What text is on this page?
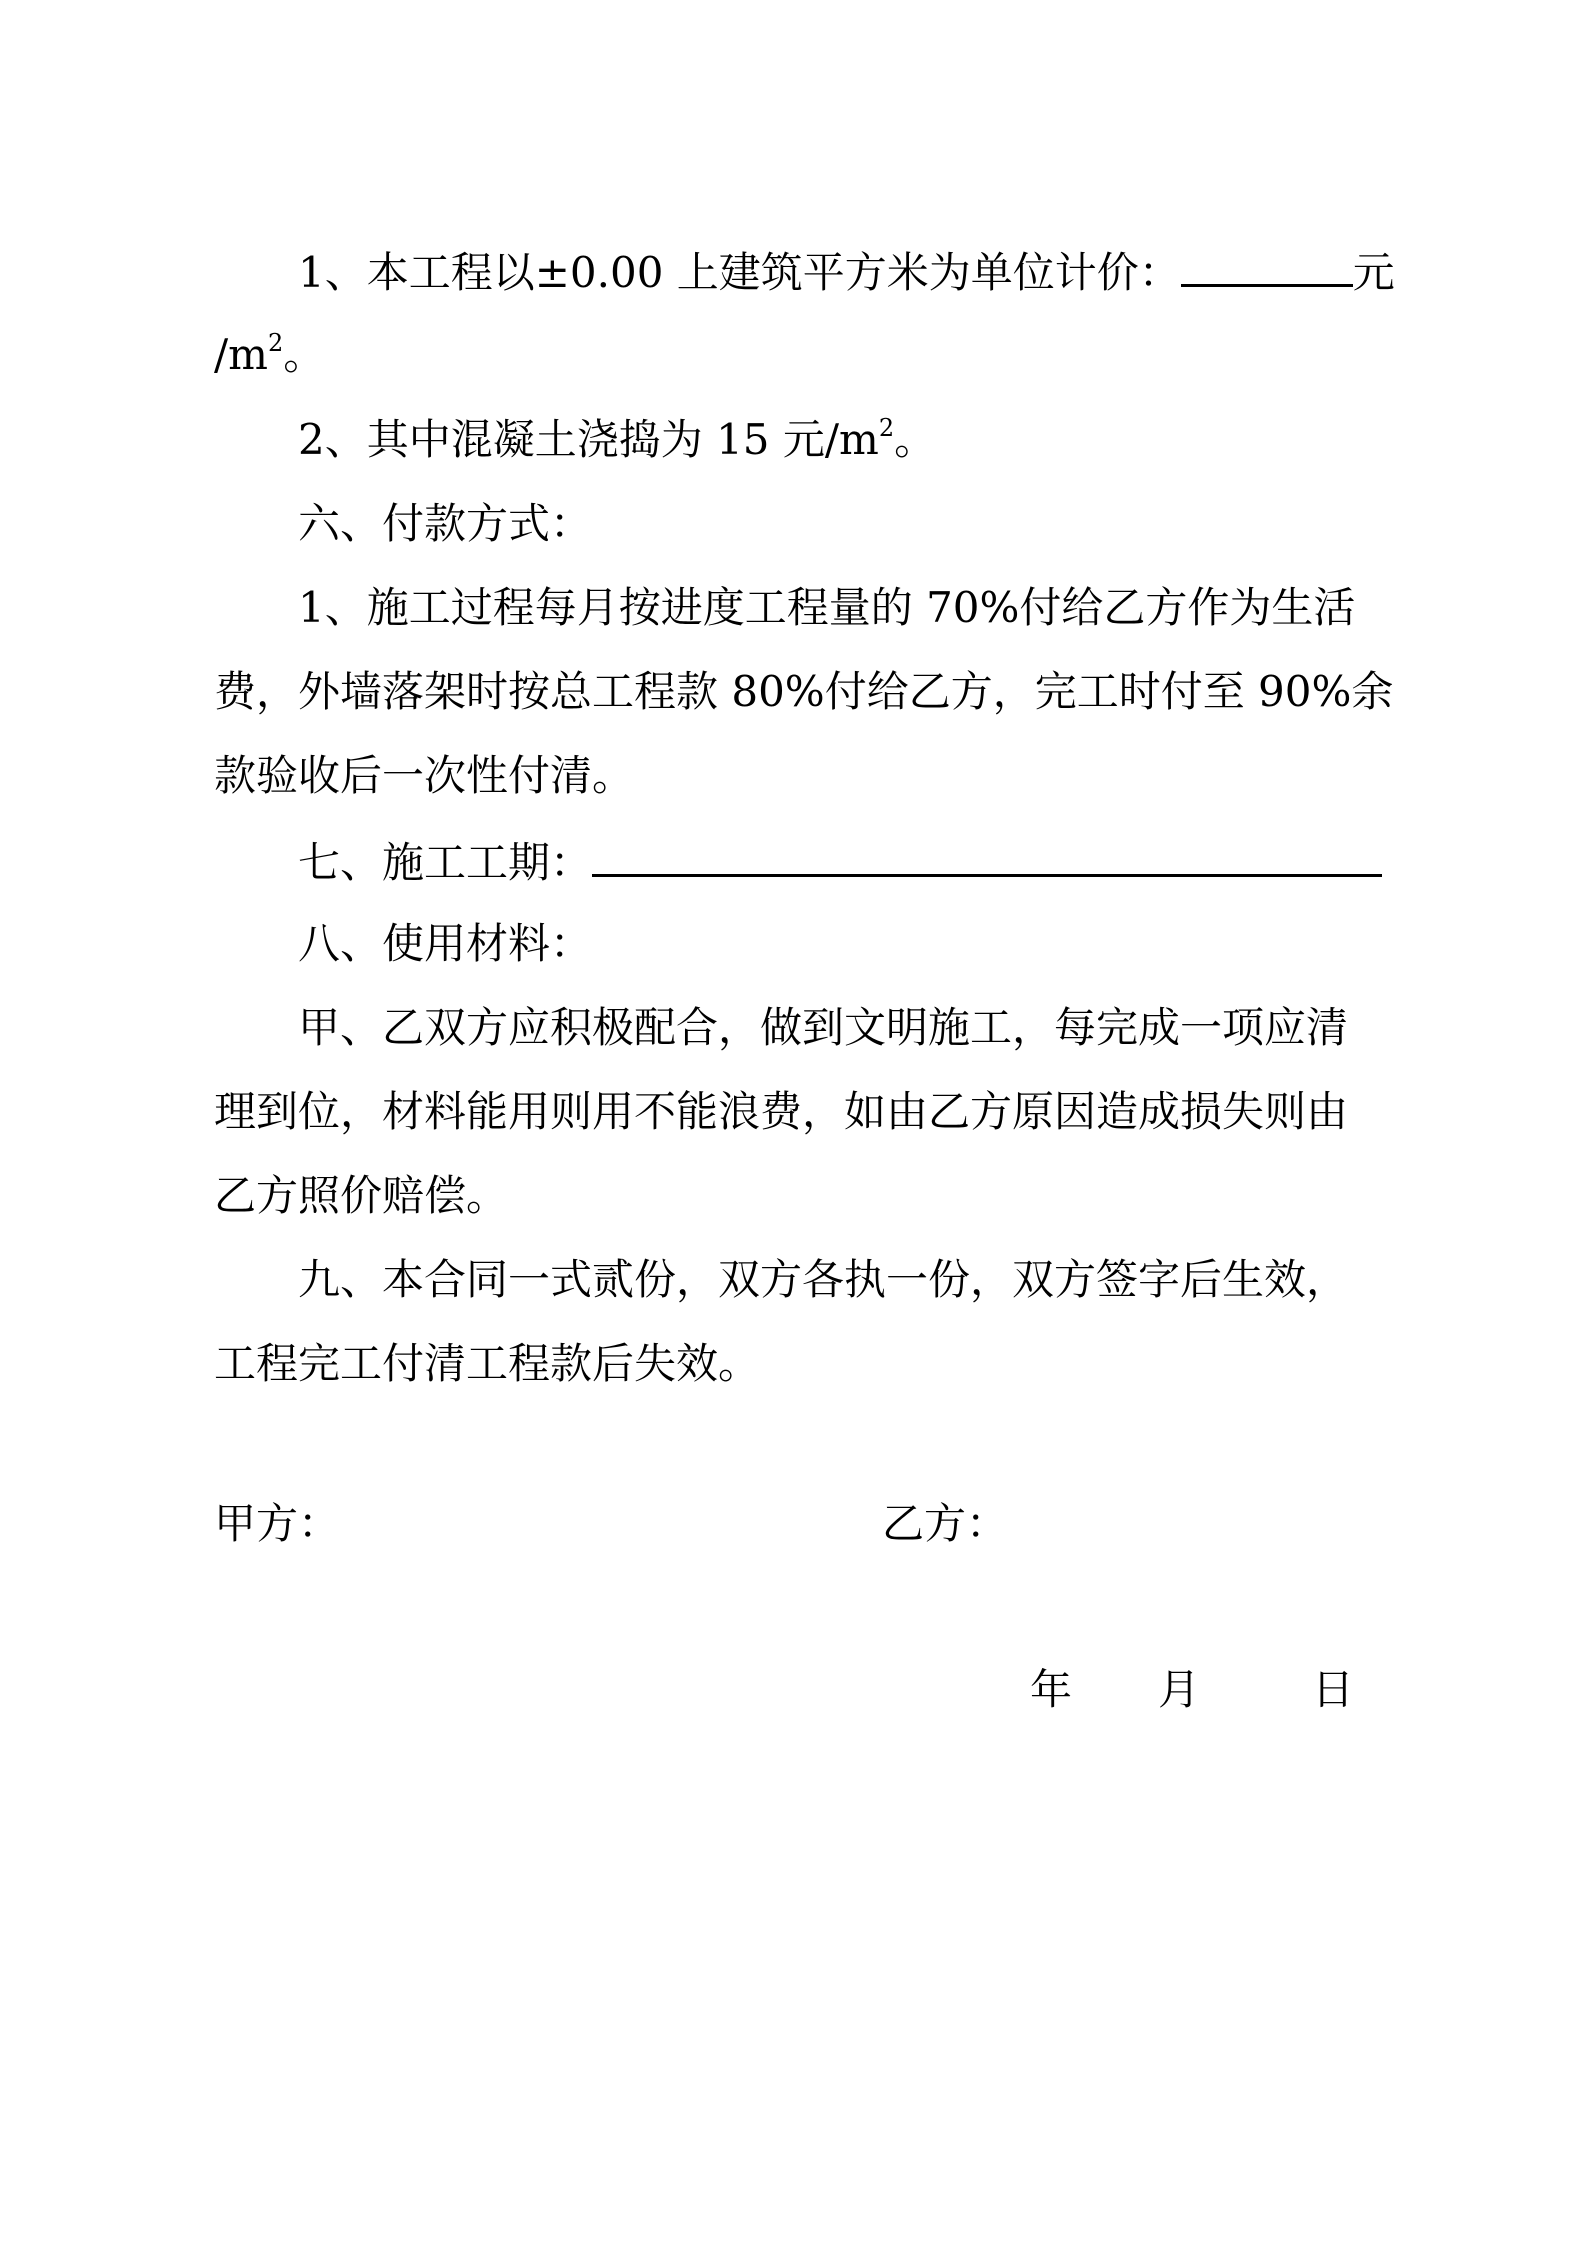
1、本工程以±0.00 上建筑平方米为单位计价：	元
$/m^2$。
2、其中混凝土浇捣为 15 元$/m^2$。
六、付款方式：
1、施工过程每月按进度工程量的 70%付给乙方作为生活
费，外墙落架时按总工程款 80%付给乙方，完工时付至 90%余
款验收后一次性付清。
七、施工工期：
八、使用材料：
甲、乙双方应积极配合，做到文明施工，每完成一项应清
理到位，材料能用则用不能浪费，如由乙方原因造成损失则由
乙方照价赔偿。
九、本合同一式贰份，双方各执一份，双方签字后生效，
工程完工付清工程款后失效。
甲方：	乙方：
年 月	日
